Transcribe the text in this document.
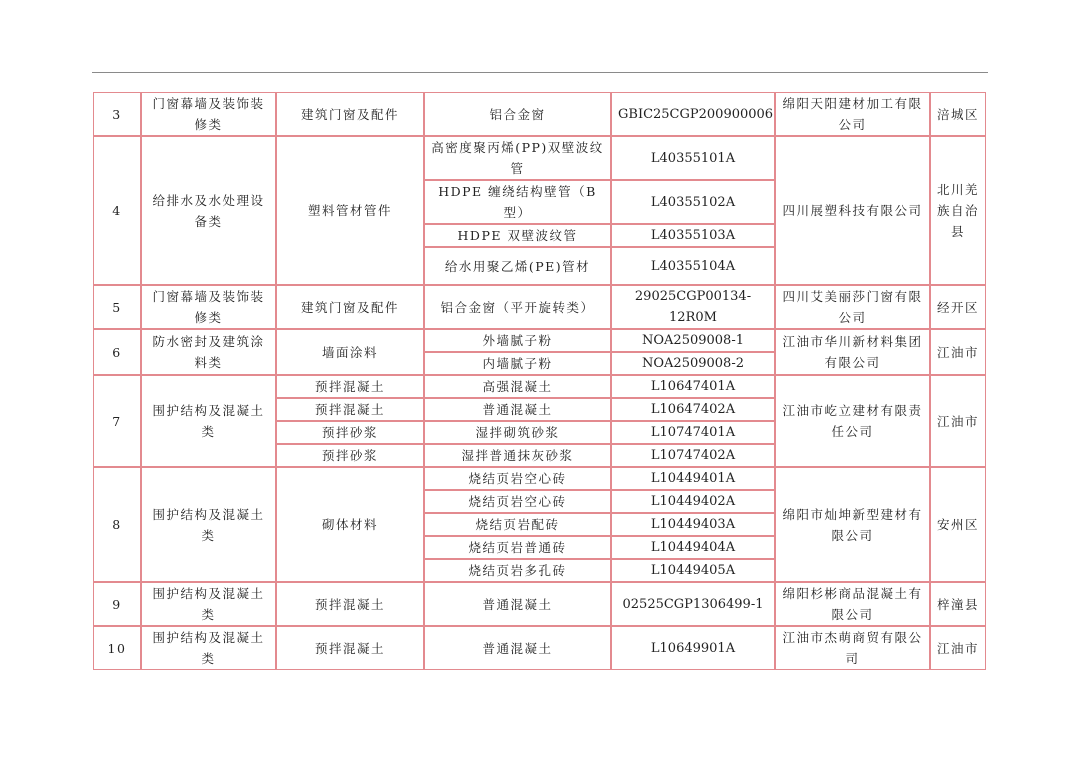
3	门窗幕墙及装饰装修类	建筑门窗及配件	铝合金窗	GBIC25CGP200900006	绵阳天阳建材加工有限公司	涪城区
4	给排水及水处理设备类	塑料管材管件	高密度聚丙烯(PP)双壁波纹管	L40355101A	四川展塑科技有限公司	北川羌族自治县
			HDPE 缠绕结构壁管（B 型）	L40355102A		
			HDPE 双壁波纹管	L40355103A		
			给水用聚乙烯(PE)管材	L40355104A		
5	门窗幕墙及装饰装修类	建筑门窗及配件	铝合金窗（平开旋转类）	29025CGP00134-12R0M	四川艾美丽莎门窗有限公司	经开区
6	防水密封及建筑涂料类	墙面涂料	外墙腻子粉	NOA2509008-1	江油市华川新材料集团有限公司	江油市
			内墙腻子粉	NOA2509008-2		
7	围护结构及混凝土类	预拌混凝土	高强混凝土	L10647401A	江油市屹立建材有限责任公司	江油市
		预拌混凝土	普通混凝土	L10647402A		
		预拌砂浆	湿拌砌筑砂浆	L10747401A		
		预拌砂浆	湿拌普通抹灰砂浆	L10747402A		
8	围护结构及混凝土类	砌体材料	烧结页岩空心砖	L10449401A	绵阳市灿坤新型建材有限公司	安州区
			烧结页岩空心砖	L10449402A		
			烧结页岩配砖	L10449403A		
			烧结页岩普通砖	L10449404A		
			烧结页岩多孔砖	L10449405A		
9	围护结构及混凝土类	预拌混凝土	普通混凝土	02525CGP1306499-1	绵阳杉彬商品混凝土有限公司	梓潼县
10	围护结构及混凝土类	预拌混凝土	普通混凝土	L10649901A	江油市杰萌商贸有限公司	江油市
